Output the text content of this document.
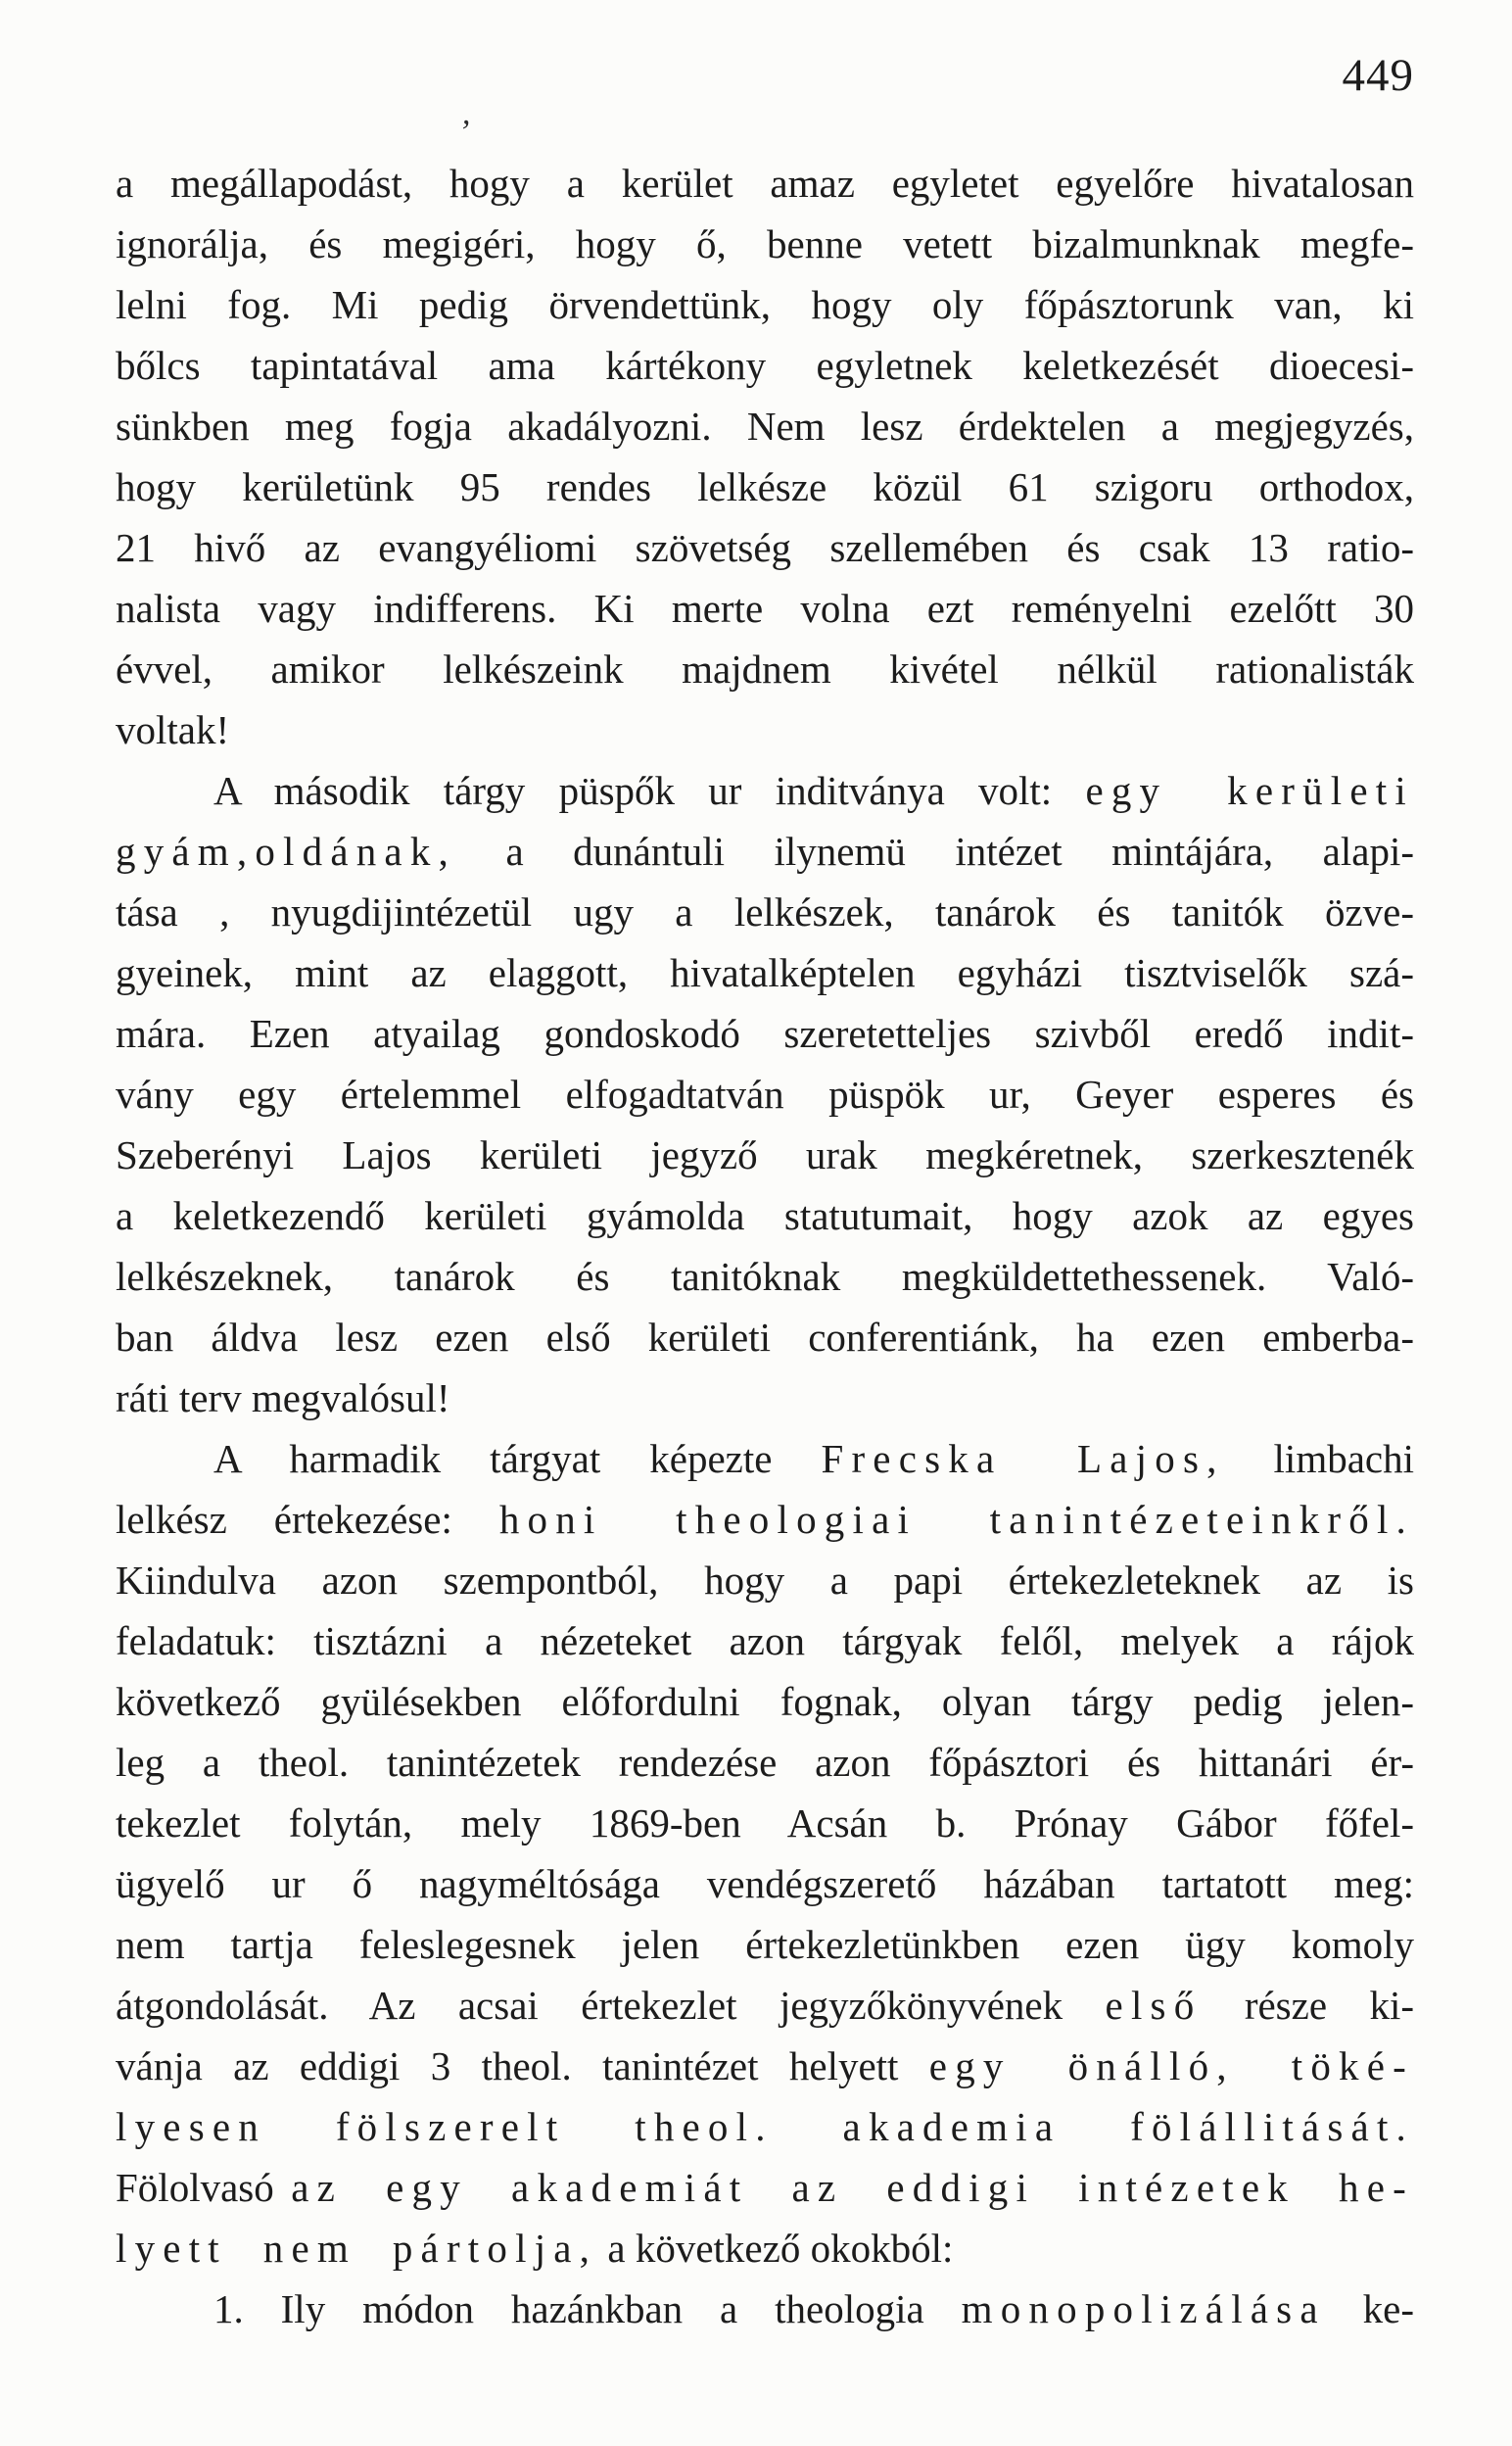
449
’
a megállapodást, hogy a kerület amaz egyletet egyelőre hivatalosan
ignorálja, és megigéri, hogy ő, benne vetett bizalmunknak megfe-
lelni fog. Mi pedig örvendettünk, hogy oly főpásztorunk van, ki
bőlcs tapintatával ama kártékony egyletnek keletkezését dioecesi-
sünkben meg fogja akadályozni. Nem lesz érdektelen a megjegyzés,
hogy kerületünk 95 rendes lelkésze közül 61 szigoru orthodox,
21 hivő az evangyéliomi szövetség szellemében és csak 13 ratio-
nalista vagy indifferens. Ki merte volna ezt reményelni ezelőtt 30
évvel, amikor lelkészeink majdnem kivétel nélkül rationalisták
voltak!
A második tárgy püspők ur inditványa volt: egy kerületi
gyám,oldának, a dunántuli ilynemü intézet mintájára, alapi-
tása , nyugdijintézetül ugy a lelkészek, tanárok és tanitók özve-
gyeinek, mint az elaggott, hivatalképtelen egyházi tisztviselők szá-
mára. Ezen atyailag gondoskodó szeretetteljes szivből eredő indit-
vány egy értelemmel elfogadtatván püspök ur, Geyer esperes és
Szeberényi Lajos kerületi jegyző urak megkéretnek, szerkesztenék
a keletkezendő kerületi gyámolda statutumait, hogy azok az egyes
lelkészeknek, tanárok és tanitóknak megküldettethessenek. Való-
ban áldva lesz ezen első kerületi conferentiánk, ha ezen emberba-
ráti terv megvalósul!
A harmadik tárgyat képezte Frecska Lajos, limbachi
lelkész értekezése: honi theologiai tanintézeteinkről.
Kiindulva azon szempontból, hogy a papi értekezleteknek az is
feladatuk: tisztázni a nézeteket azon tárgyak felől, melyek a rájok
következő gyülésekben előfordulni fognak, olyan tárgy pedig jelen-
leg a theol. tanintézetek rendezése azon főpásztori és hittanári ér-
tekezlet folytán, mely 1869-ben Acsán b. Prónay Gábor főfel-
ügyelő ur ő nagyméltósága vendégszerető házában tartatott meg:
nem tartja feleslegesnek jelen értekezletünkben ezen ügy komoly
átgondolását. Az acsai értekezlet jegyzőkönyvének első része ki-
vánja az eddigi 3 theol. tanintézet helyett egy önálló, töké-
lyesen fölszerelt theol. akademia fölállitását.
Fölolvasó az egy akademiát az eddigi intézetek he-
lyett nem pártolja, a következő okokból:
1. Ily módon hazánkban a theologia monopolizálása ke-
